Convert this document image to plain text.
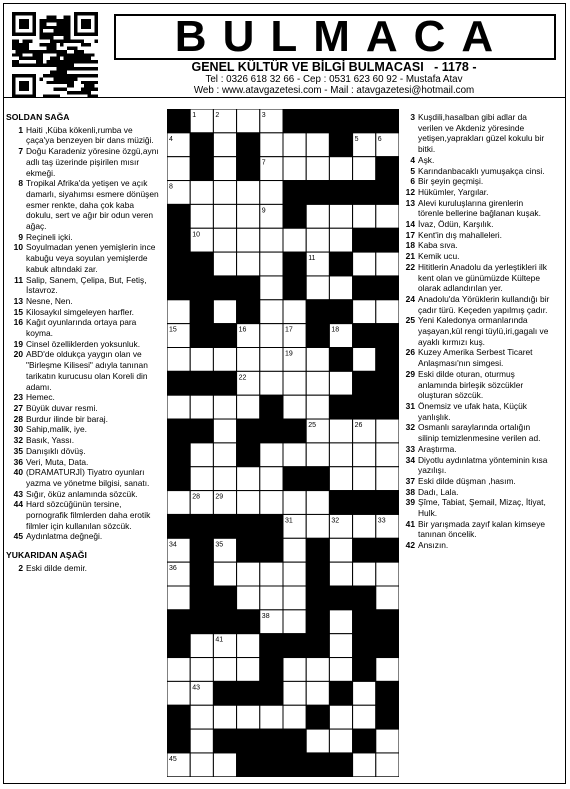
BULMACA
GENEL KÜLTÜR VE BİLGİ BULMACASI   - 1178 -
Tel : 0326 618 32 66 - Cep : 0531 623 60 92 - Mustafa Atav
Web : www.atavgazetesi.com - Mail : atavgazetesi@hotmail.com
SOLDAN SAĞA
1 Haiti ,Küba kökenli,rumba ve çaça'ya benzeyen bir dans müziği.
7 Doğu Karadeniz yöresine özgü,aynı adlı taş üzerinde pişirilen mısır ekmeği.
8 Tropikal Afrika'da yetişen ve açık damarlı, siyahımsı esmere dönüşen esmer renkte, daha çok kaba dokulu, sert ve ağır bir odun veren ağaç.
9 Reçineli içki.
10 Soyulmadan yenen yemişlerin ince kabuğu veya soyulan yemişlerde kabuk altındaki zar.
11 Salip, Sanem, Çelipa, But, Fetiş, İstavroz.
13 Nesne, Nen.
15 Kilosaykıl simgeleyen harfler.
16 Kağıt oyunlarında ortaya para koyma.
19 Cinsel özelliklerden yoksunluk.
20 ABD'de oldukça yaygın olan ve "Birleşme Kilisesi" adıyla tanınan tarikatın kurucusu olan Koreli din adamı.
23 Hemec.
27 Büyük duvar resmi.
28 Burdur ilinde bir baraj.
30 Sahip,malik, iye.
32 Basık, Yassı.
35 Danışıklı dövüş.
36 Veri, Muta, Data.
40 (DRAMATURJİ) Tiyatro oyunları yazma ve yönetme bilgisi, sanatı.
43 Sığır, öküz anlamında sözcük.
44 Hard sözcüğünün tersine, pornografik filmlerden daha erotik filmler için kullanılan sözcük.
45 Aydınlatma değneği.
YUKARIDAN AŞAĞI
2 Eski dilde demir.
3 Kuşdili,hasalban gibi adlar da verilen ve Akdeniz yöresinde yetişen,yaprakları güzel kokulu bir bitki.
4 Aşk.
5 Karındanbacaklı yumuşakça cinsi.
6 Bir şeyin geçmişi.
12 Hükümler, Yargılar.
13 Alevi kuruluşlarına girenlerin törenle bellerine bağlanan kuşak.
14 İvaz, Ödün, Karşılık.
17 Kent'in dış mahalleleri.
18 Kaba sıva.
21 Kemik ucu.
22 Hititlerin Anadolu da yerleştikleri ilk kent olan ve günümüzde Kültepe olarak adlandırılan yer.
24 Anadolu'da Yörüklerin kullandığı bir çadır türü. Keçeden yapılmış çadır.
25 Yeni Kaledonya ormanlarında yaşayan,kül rengi tüylü,iri,gagalı ve ayaklı kırmızı kuş.
26 Kuzey Amerika Serbest Ticaret Anlaşması'nın simgesi.
29 Eski dilde oturan, oturmuş anlamında birleşik sözcükler oluşturan sözcük.
31 Önemsiz ve ufak hata, Küçük yanlışlık.
32 Osmanlı saraylarında ortalığın silinip temizlenmesine verilen ad.
33 Araştırma.
34 Diyotlu aydınlatma yönteminin kısa yazılışı.
37 Eski dilde düşman ,hasım.
38 Dadı, Lala.
39 Şîme, Tabiat, Şemail, Mizaç, İtiyat, Hulk.
41 Bir yarışmada zayıf kalan kimseye tanınan öncelik.
42 Ansızın.
1	2	3
4	5	6
7
8
9
10
11
12	13	14
15	16	17	18
19
20 21	22
23 24	25	26
27
28 29
30 31	32	33
34	35
36
37	38	39
40	41	42
43
44
45
